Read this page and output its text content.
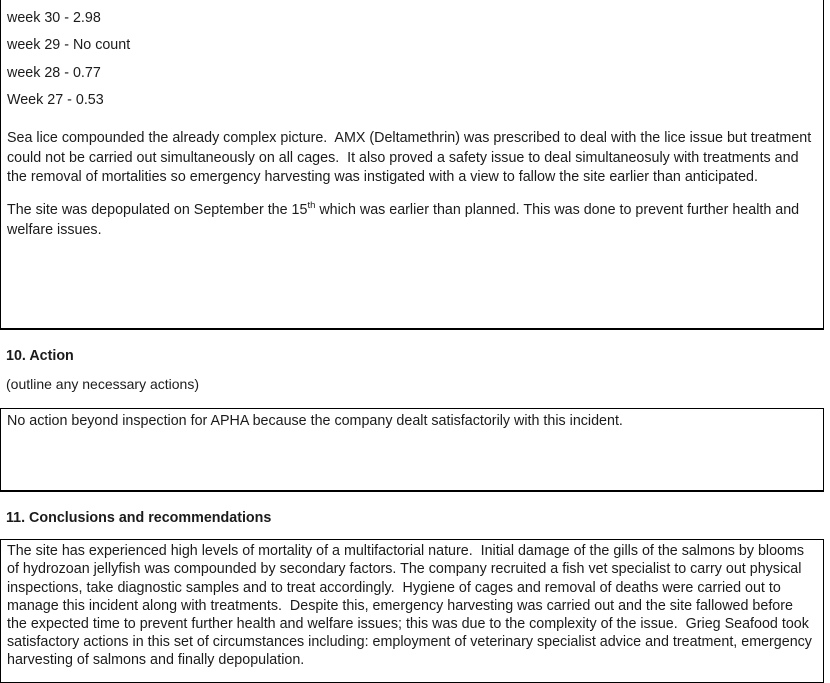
week 30 - 2.98
week 29 - No count
week 28 - 0.77
Week 27 - 0.53

Sea lice compounded the already complex picture.  AMX (Deltamethrin) was prescribed to deal with the lice issue but treatment could not be carried out simultaneously on all cages.  It also proved a safety issue to deal simultaneosuly with treatments and the removal of mortalities so emergency harvesting was instigated with a view to fallow the site earlier than anticipated.

The site was depopulated on September the 15th which was earlier than planned. This was done to prevent further health and welfare issues.

10. Action

(outline any necessary actions)

No action beyond inspection for APHA because the company dealt satisfactorily with this incident.

11. Conclusions and recommendations

The site has experienced high levels of mortality of a multifactorial nature.  Initial damage of the gills of the salmons by blooms of hydrozoan jellyfish was compounded by secondary factors. The company recruited a fish vet specialist to carry out physical inspections, take diagnostic samples and to treat accordingly.  Hygiene of cages and removal of deaths were carried out to manage this incident along with treatments.  Despite this, emergency harvesting was carried out and the site fallowed before the expected time to prevent further health and welfare issues; this was due to the complexity of the issue.  Grieg Seafood took satisfactory actions in this set of circumstances including: employment of veterinary specialist advice and treatment, emergency harvesting of salmons and finally depopulation.
